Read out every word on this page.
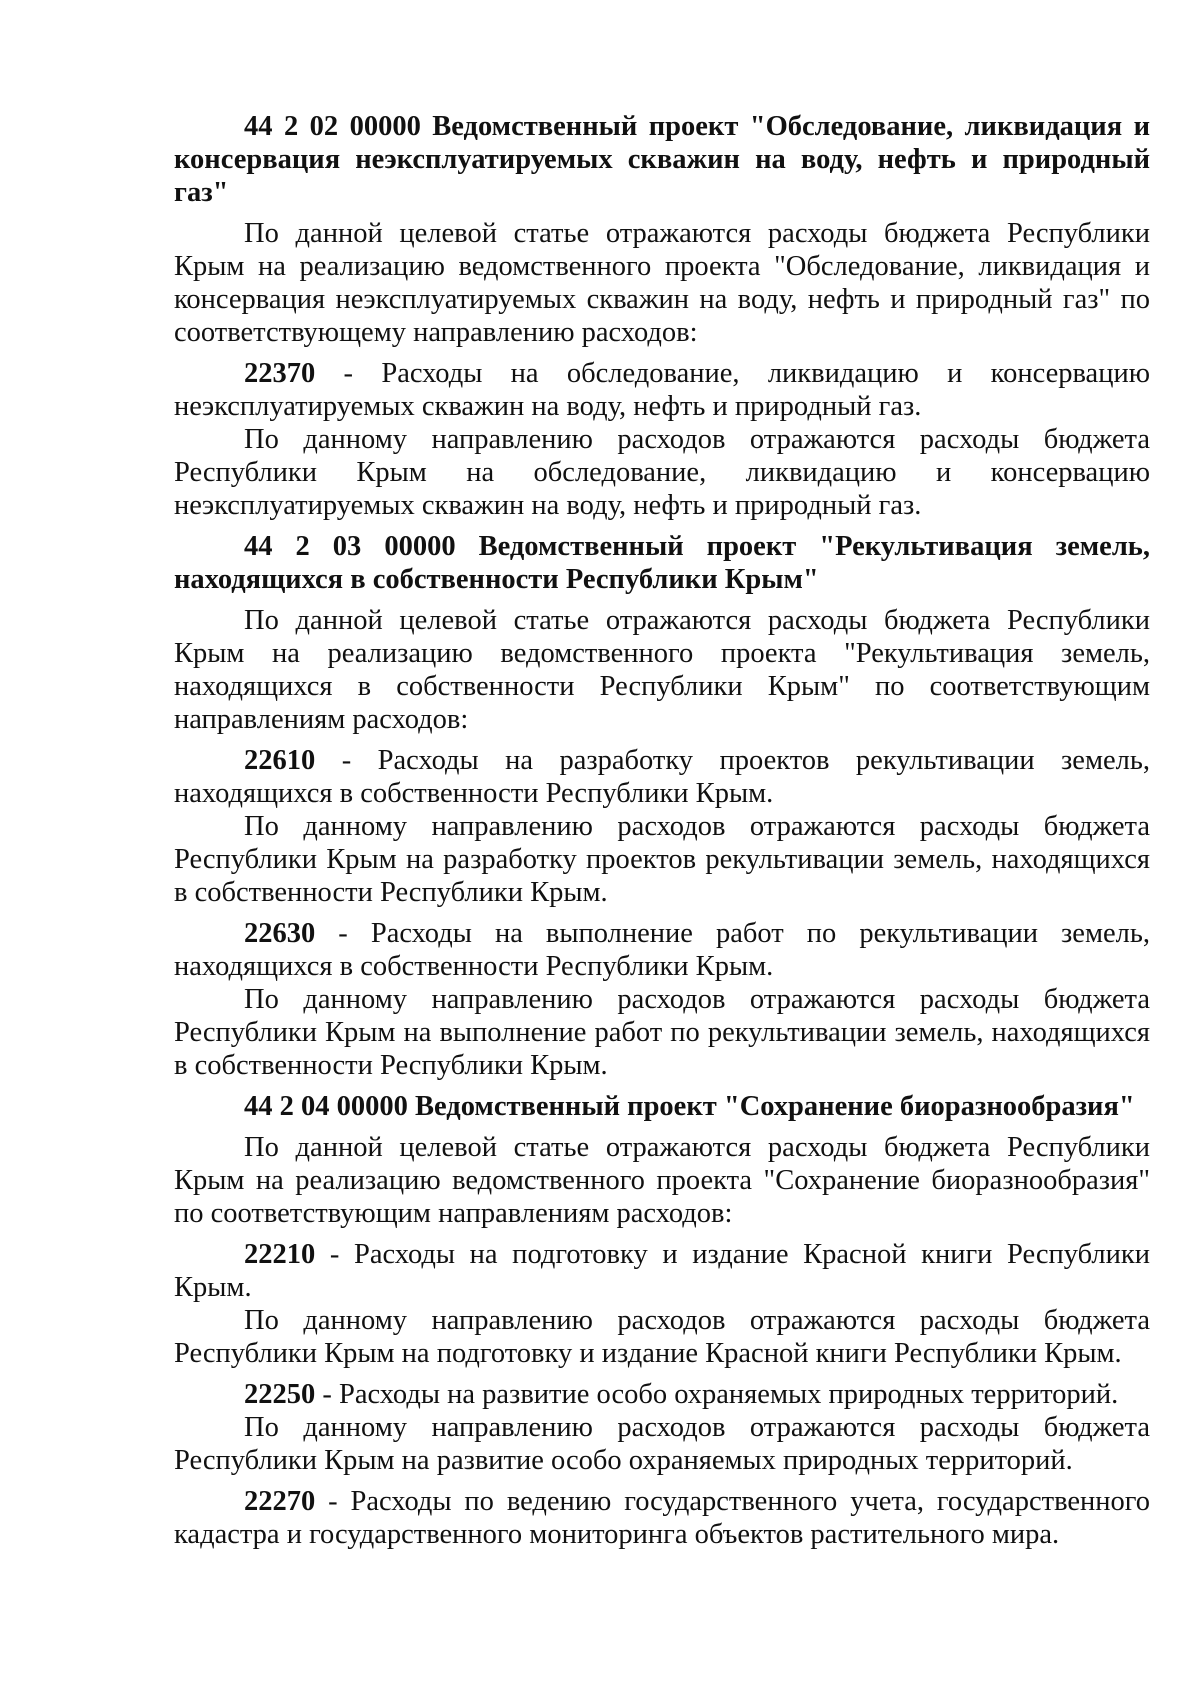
44 2 02 00000 Ведомственный проект "Обследование, ликвидация и консервация неэксплуатируемых скважин на воду, нефть и природный газ"

По данной целевой статье отражаются расходы бюджета Республики Крым на реализацию ведомственного проекта "Обследование, ликвидация и консервация неэксплуатируемых скважин на воду, нефть и природный газ" по соответствующему направлению расходов:

22370 - Расходы на обследование, ликвидацию и консервацию неэксплуатируемых скважин на воду, нефть и природный газ.

По данному направлению расходов отражаются расходы бюджета Республики Крым на обследование, ликвидацию и консервацию неэксплуатируемых скважин на воду, нефть и природный газ.

44 2 03 00000 Ведомственный проект "Рекультивация земель, находящихся в собственности Республики Крым"

По данной целевой статье отражаются расходы бюджета Республики Крым на реализацию ведомственного проекта "Рекультивация земель, находящихся в собственности Республики Крым" по соответствующим направлениям расходов:

22610 - Расходы на разработку проектов рекультивации земель, находящихся в собственности Республики Крым.

По данному направлению расходов отражаются расходы бюджета Республики Крым на разработку проектов рекультивации земель, находящихся в собственности Республики Крым.

22630 - Расходы на выполнение работ по рекультивации земель, находящихся в собственности Республики Крым.

По данному направлению расходов отражаются расходы бюджета Республики Крым на выполнение работ по рекультивации земель, находящихся в собственности Республики Крым.

44 2 04 00000 Ведомственный проект "Сохранение биоразнообразия"

По данной целевой статье отражаются расходы бюджета Республики Крым на реализацию ведомственного проекта "Сохранение биоразнообразия" по соответствующим направлениям расходов:

22210 - Расходы на подготовку и издание Красной книги Республики Крым.

По данному направлению расходов отражаются расходы бюджета Республики Крым на подготовку и издание Красной книги Республики Крым.

22250 - Расходы на развитие особо охраняемых природных территорий.

По данному направлению расходов отражаются расходы бюджета Республики Крым на развитие особо охраняемых природных территорий.

22270 - Расходы по ведению государственного учета, государственного кадастра и государственного мониторинга объектов растительного мира.
